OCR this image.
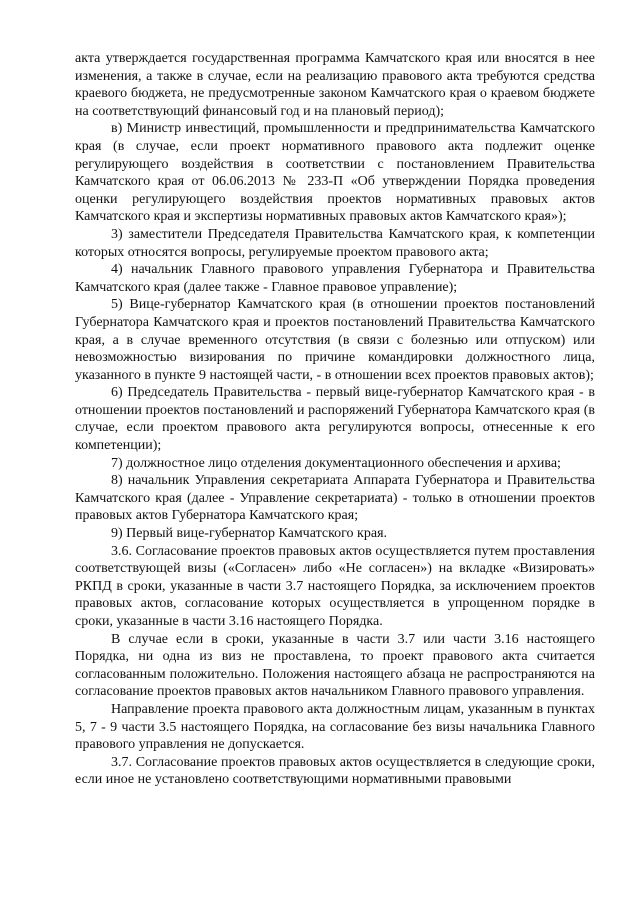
акта утверждается государственная программа Камчатского края или вносятся в нее изменения, а также в случае, если на реализацию правового акта требуются средства краевого бюджета, не предусмотренные законом Камчатского края о краевом бюджете на соответствующий финансовый год и на плановый период);

в) Министр инвестиций, промышленности и предпринимательства Камчатского края (в случае, если проект нормативного правового акта подлежит оценке регулирующего воздействия в соответствии с постановлением Правительства Камчатского края от 06.06.2013 № 233-П «Об утверждении Порядка проведения оценки регулирующего воздействия проектов нормативных правовых актов Камчатского края и экспертизы нормативных правовых актов Камчатского края»);

3) заместители Председателя Правительства Камчатского края, к компетенции которых относятся вопросы, регулируемые проектом правового акта;

4) начальник Главного правового управления Губернатора и Правительства Камчатского края (далее также - Главное правовое управление);

5) Вице-губернатор Камчатского края (в отношении проектов постановлений Губернатора Камчатского края и проектов постановлений Правительства Камчатского края, а в случае временного отсутствия (в связи с болезнью или отпуском) или невозможностью визирования по причине командировки должностного лица, указанного в пункте 9 настоящей части, - в отношении всех проектов правовых актов);

6) Председатель Правительства - первый вице-губернатор Камчатского края - в отношении проектов постановлений и распоряжений Губернатора Камчатского края (в случае, если проектом правового акта регулируются вопросы, отнесенные к его компетенции);

7) должностное лицо отделения документационного обеспечения и архива;

8) начальник Управления секретариата Аппарата Губернатора и Правительства Камчатского края (далее - Управление секретариата) - только в отношении проектов правовых актов Губернатора Камчатского края;

9) Первый вице-губернатор Камчатского края.

3.6. Согласование проектов правовых актов осуществляется путем проставления соответствующей визы («Согласен» либо «Не согласен») на вкладке «Визировать» РКПД в сроки, указанные в части 3.7 настоящего Порядка, за исключением проектов правовых актов, согласование которых осуществляется в упрощенном порядке в сроки, указанные в части 3.16 настоящего Порядка.

В случае если в сроки, указанные в части 3.7 или части 3.16 настоящего Порядка, ни одна из виз не проставлена, то проект правового акта считается согласованным положительно. Положения настоящего абзаца не распространяются на согласование проектов правовых актов начальником Главного правового управления.

Направление проекта правового акта должностным лицам, указанным в пунктах 5, 7 - 9 части 3.5 настоящего Порядка, на согласование без визы начальника Главного правового управления не допускается.

3.7. Согласование проектов правовых актов осуществляется в следующие сроки, если иное не установлено соответствующими нормативными правовыми
